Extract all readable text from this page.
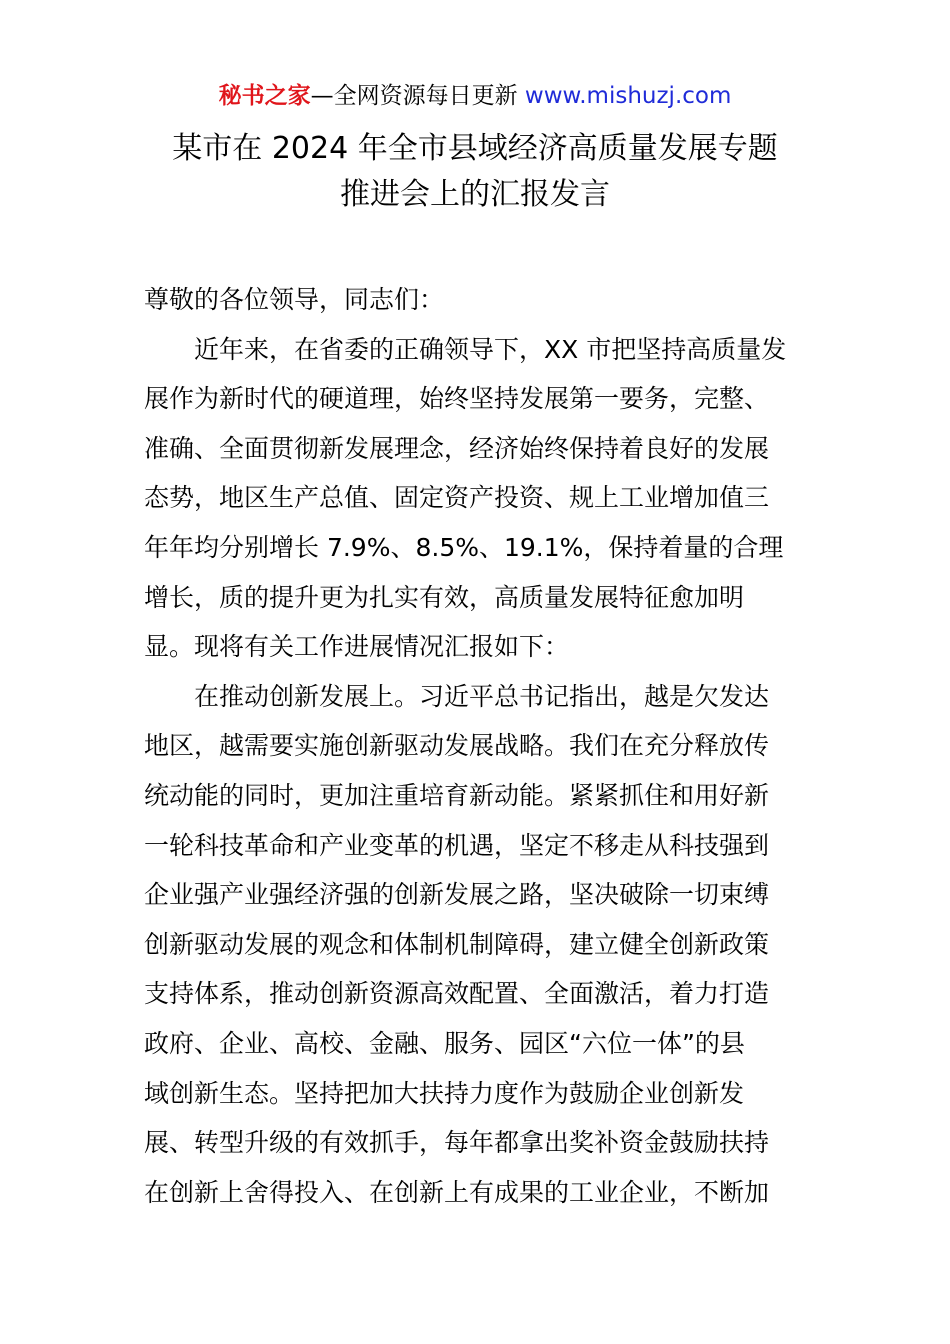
秘书之家—全网资源每日更新 www.mishuzj.com
某市在 2024 年全市县域经济高质量发展专题
推进会上的汇报发言
尊敬的各位领导，同志们：
近年来，在省委的正确领导下，XX 市把坚持高质量发
展作为新时代的硬道理，始终坚持发展第一要务，完整、
准确、全面贯彻新发展理念，经济始终保持着良好的发展
态势，地区生产总值、固定资产投资、规上工业增加值三
年年均分别增长 7.9%、8.5%、19.1%，保持着量的合理
增长，质的提升更为扎实有效，高质量发展特征愈加明
显。现将有关工作进展情况汇报如下：
在推动创新发展上。习近平总书记指出，越是欠发达
地区，越需要实施创新驱动发展战略。我们在充分释放传
统动能的同时，更加注重培育新动能。紧紧抓住和用好新
一轮科技革命和产业变革的机遇，坚定不移走从科技强到
企业强产业强经济强的创新发展之路，坚决破除一切束缚
创新驱动发展的观念和体制机制障碍，建立健全创新政策
支持体系，推动创新资源高效配置、全面激活，着力打造
政府、企业、高校、金融、服务、园区“六位一体”的县
域创新生态。坚持把加大扶持力度作为鼓励企业创新发
展、转型升级的有效抓手，每年都拿出奖补资金鼓励扶持
在创新上舍得投入、在创新上有成果的工业企业，不断加
